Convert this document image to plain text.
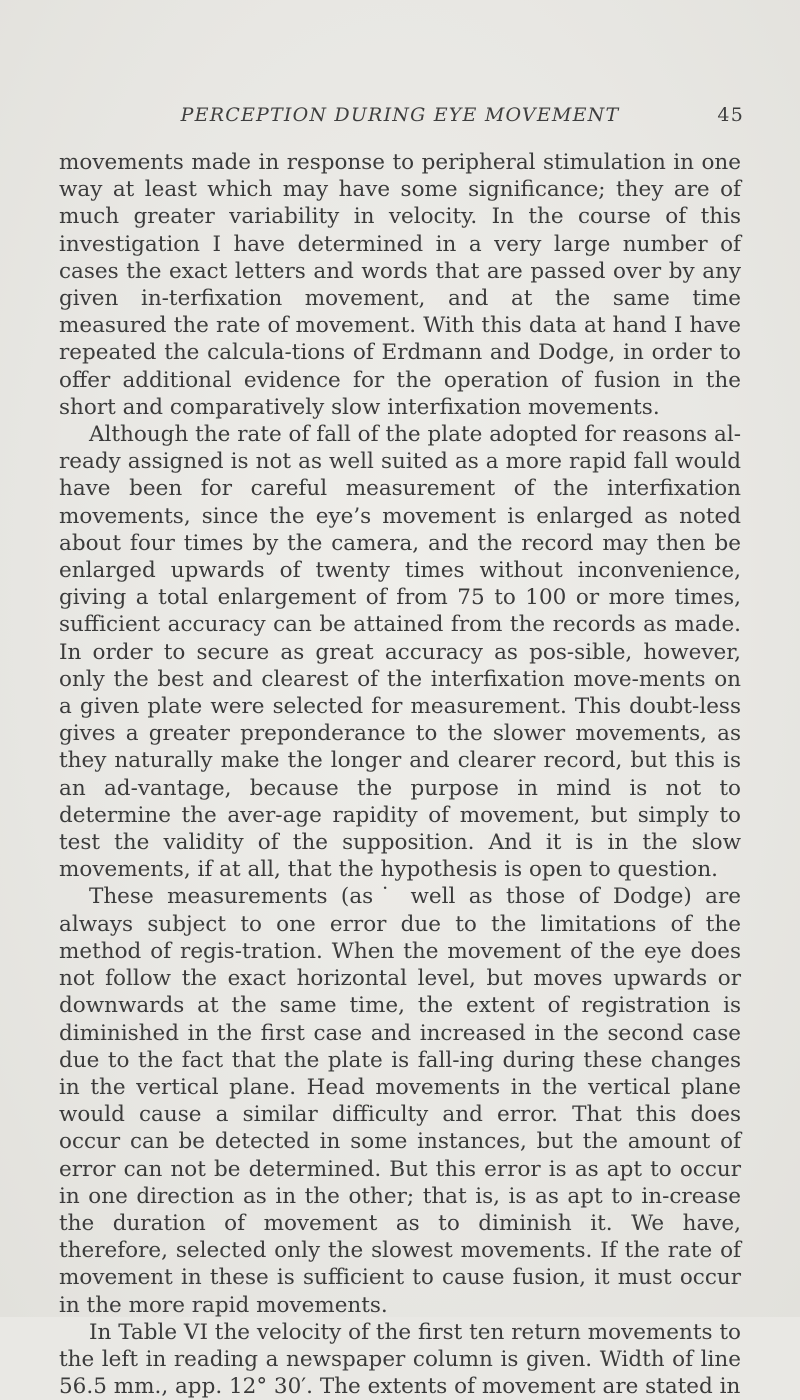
PERCEPTION DURING EYE MOVEMENT	45

movements made in response to peripheral stimulation in one way at least which may have some significance; they are of much greater variability in velocity. In the course of this investigation I have determined in a very large number of cases the exact letters and words that are passed over by any given in-terfixation movement, and at the same time measured the rate of movement. With this data at hand I have repeated the calcula-tions of Erdmann and Dodge, in order to offer additional evidence for the operation of fusion in the short and comparatively slow interfixation movements.

Although the rate of fall of the plate adopted for reasons al-ready assigned is not as well suited as a more rapid fall would have been for careful measurement of the interfixation movements, since the eye’s movement is enlarged as noted about four times by the camera, and the record may then be enlarged upwards of twenty times without inconvenience, giving a total enlargement of from 75 to 100 or more times, sufficient accuracy can be attained from the records as made. In order to secure as great accuracy as pos-sible, however, only the best and clearest of the interfixation move-ments on a given plate were selected for measurement. This doubt-less gives a greater preponderance to the slower movements, as they naturally make the longer and clearer record, but this is an ad-vantage, because the purpose in mind is not to determine the aver-age rapidity of movement, but simply to test the validity of the supposition. And it is in the slow movements, if at all, that the hypothesis is open to question.

These measurements (as˙ well as those of Dodge) are always subject to one error due to the limitations of the method of regis-tration. When the movement of the eye does not follow the exact horizontal level, but moves upwards or downwards at the same time, the extent of registration is diminished in the first case and increased in the second case due to the fact that the plate is fall-ing during these changes in the vertical plane. Head movements in the vertical plane would cause a similar difficulty and error. That this does occur can be detected in some instances, but the amount of error can not be determined. But this error is as apt to occur in one direction as in the other; that is, is as apt to in-crease the duration of movement as to diminish it. We have, therefore, selected only the slowest movements. If the rate of movement in these is sufficient to cause fusion, it must occur in the more rapid movements.

In Table VI the velocity of the first ten return movements to the left in reading a newspaper column is given. Width of line 56.5 mm., app. 12° 30′. The extents of movement are stated in
